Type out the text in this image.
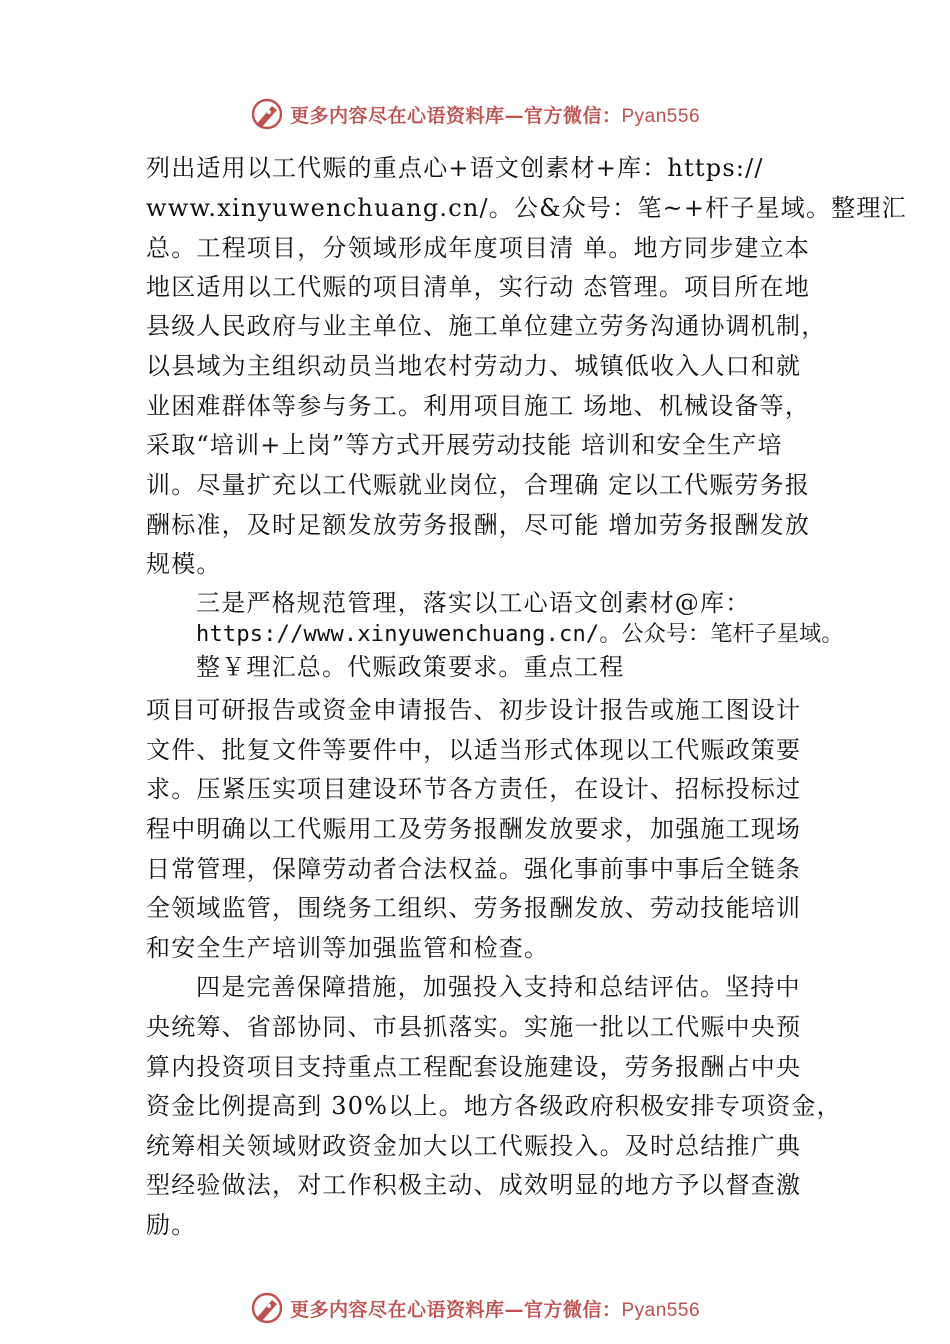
更多内容尽在心语资料库—官方微信：Pyan556
列出适用以工代赈的重点心+语文创素材+库：https://
www.xinyuwenchuang.cn/。公&众号：笔~+杆子星域。整理汇
总。工程项目，分领域形成年度项目清 单。地方同步建立本
地区适用以工代赈的项目清单，实行动 态管理。项目所在地
县级人民政府与业主单位、施工单位建立劳务沟通协调机制，
以县域为主组织动员当地农村劳动力、城镇低收入人口和就
业困难群体等参与务工。利用项目施工 场地、机械设备等，
采取“培训+上岗”等方式开展劳动技能 培训和安全生产培
训。尽量扩充以工代赈就业岗位，合理确 定以工代赈劳务报
酬标准，及时足额发放劳务报酬，尽可能 增加劳务报酬发放
规模。
三是严格规范管理，落实以工心语文创素材@库：
https://www.xinyuwenchuang.cn/。公众号：笔杆子星域。
整￥理汇总。代赈政策要求。重点工程
项目可研报告或资金申请报告、初步设计报告或施工图设计
文件、批复文件等要件中，以适当形式体现以工代赈政策要
求。压紧压实项目建设环节各方责任，在设计、招标投标过
程中明确以工代赈用工及劳务报酬发放要求，加强施工现场
日常管理，保障劳动者合法权益。强化事前事中事后全链条
全领域监管，围绕务工组织、劳务报酬发放、劳动技能培训
和安全生产培训等加强监管和检查。
四是完善保障措施，加强投入支持和总结评估。坚持中
央统筹、省部协同、市县抓落实。实施一批以工代赈中央预
算内投资项目支持重点工程配套设施建设，劳务报酬占中央
资金比例提高到 30%以上。地方各级政府积极安排专项资金，
统筹相关领域财政资金加大以工代赈投入。及时总结推广典
型经验做法，对工作积极主动、成效明显的地方予以督查激
励。
更多内容尽在心语资料库—官方微信：Pyan556
